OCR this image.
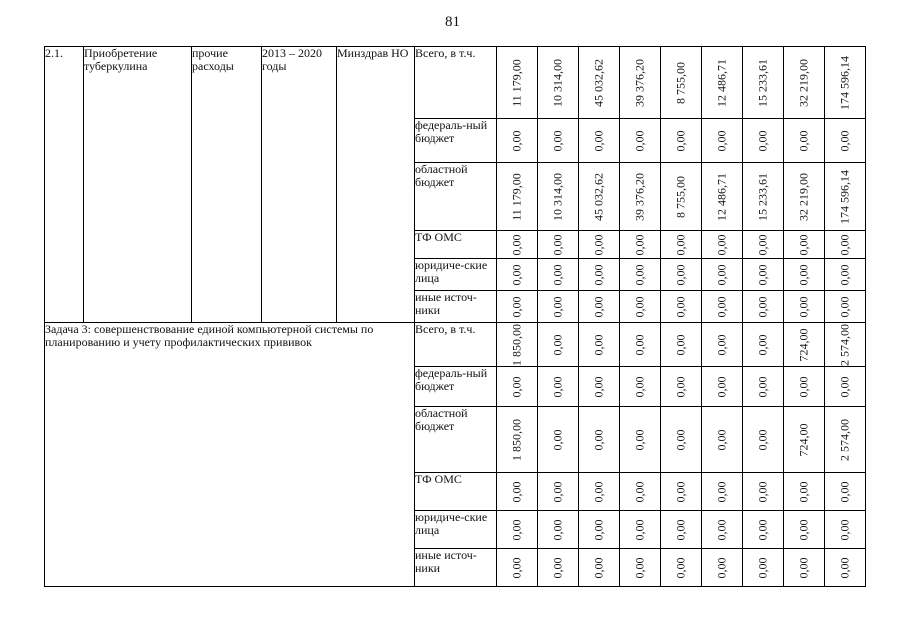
81
2.1.	Приобретение туберкулина	прочие расходы	2013 – 2020 годы	Минздрав НО	Всего, в т.ч.	11 179,00	10 314,00	45 032,62	39 376,20	8 755,00	12 486,71	15 233,61	32 219,00	174 596,14

					федераль-ный бюджет	0,00	0,00	0,00	0,00	0,00	0,00	0,00	0,00	0,00

					областной бюджет	11 179,00	10 314,00	45 032,62	39 376,20	8 755,00	12 486,71	15 233,61	32 219,00	174 596,14

					ТФ ОМС	0,00	0,00	0,00	0,00	0,00	0,00	0,00	0,00	0,00

					юридиче-ские лица	0,00	0,00	0,00	0,00	0,00	0,00	0,00	0,00	0,00

					иные источ-ники	0,00	0,00	0,00	0,00	0,00	0,00	0,00	0,00	0,00

Задача 3: совершенствование единой компьютерной системы по планированию и учету профилактических прививок					Всего, в т.ч.	1 850,00	0,00	0,00	0,00	0,00	0,00	0,00	724,00	2 574,00

					федераль-ный бюджет	0,00	0,00	0,00	0,00	0,00	0,00	0,00	0,00	0,00

					областной бюджет	1 850,00	0,00	0,00	0,00	0,00	0,00	0,00	724,00	2 574,00

					ТФ ОМС	0,00	0,00	0,00	0,00	0,00	0,00	0,00	0,00	0,00

					юридиче-ские лица	0,00	0,00	0,00	0,00	0,00	0,00	0,00	0,00	0,00

					иные источ-ники	0,00	0,00	0,00	0,00	0,00	0,00	0,00	0,00	0,00
